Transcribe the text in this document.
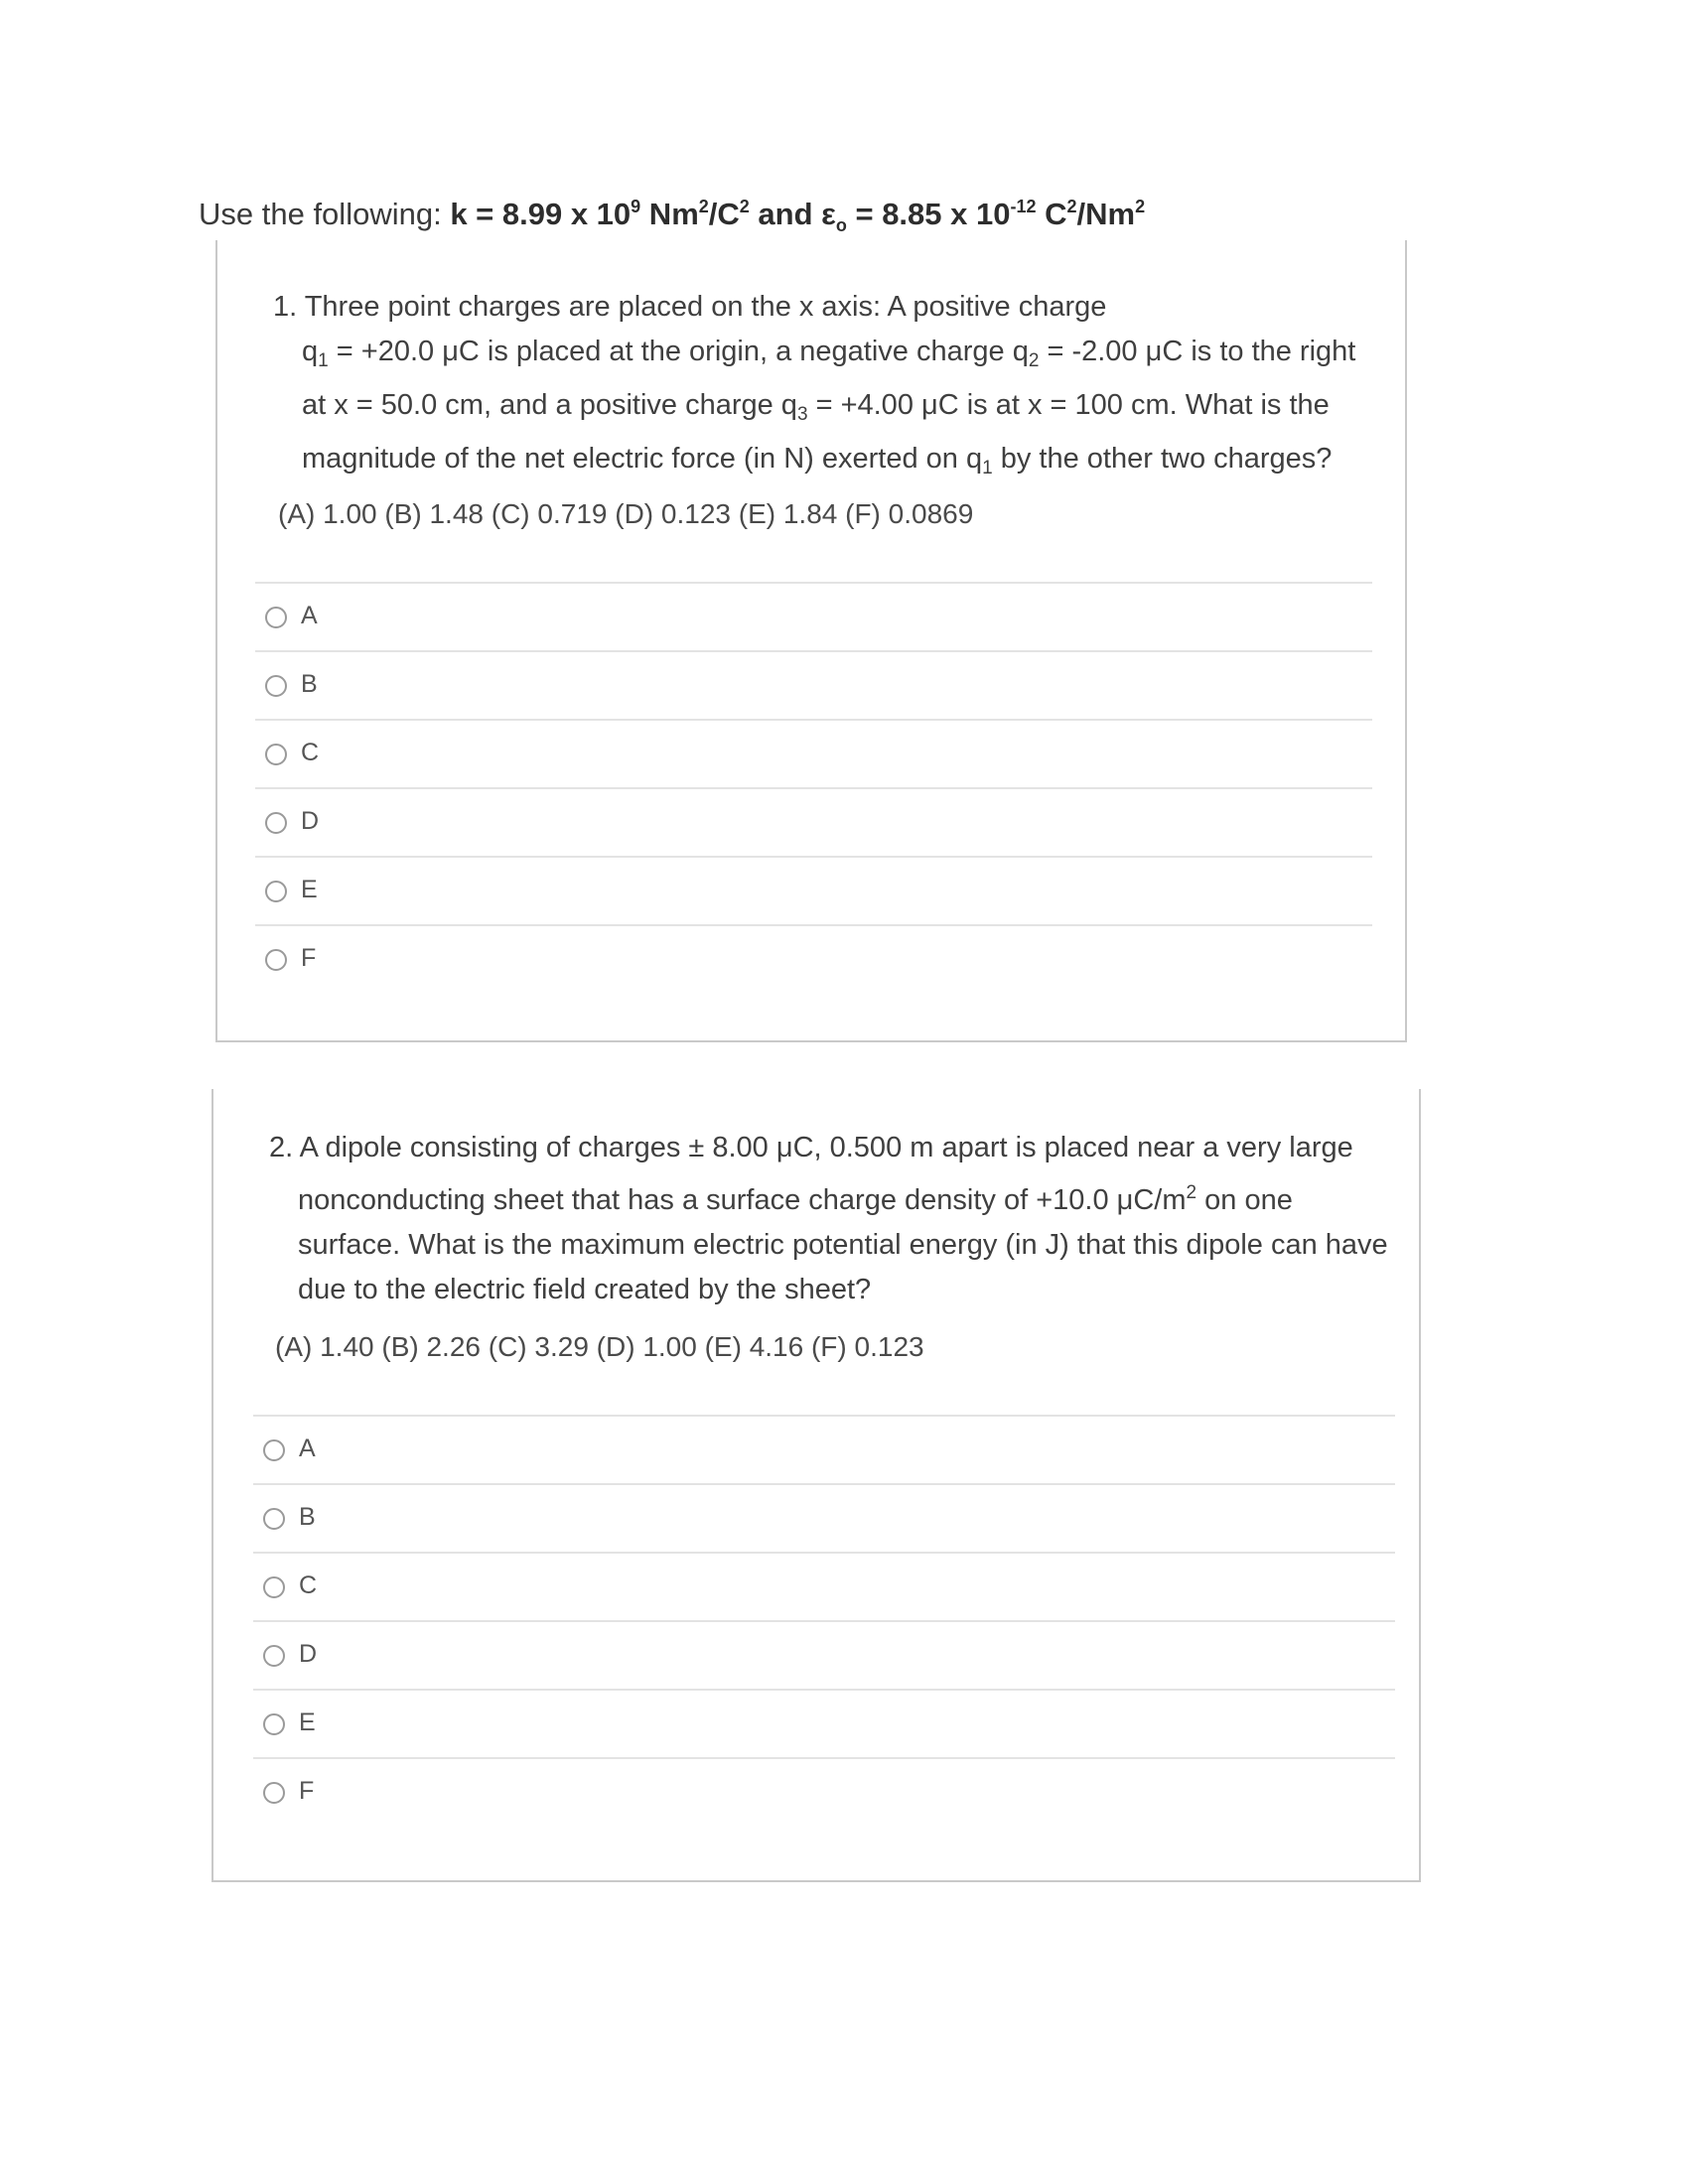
Use the following: k = 8.99 x $10^9$ $Nm^2/C^2$ and $\varepsilon_o = 8.85$ x $10^{-12}$ $C^2/Nm^2$
1. Three point charges are placed on the x axis: A positive charge
$q_1 = +20.0$ μC is placed at the origin, a negative charge $q_2 = -2.00$ μC is to the right at x = 50.0 cm, and a positive charge $q_3 = +4.00$ μC is at x = 100 cm. What is the magnitude of the net electric force (in N) exerted on $q_1$ by the other two charges?
(A) 1.00 (B) 1.48 (C) 0.719 (D) 0.123 (E) 1.84 (F) 0.0869
A
B
C
D
E
F
2. A dipole consisting of charges ± 8.00 μC, 0.500 m apart is placed near a very large
nonconducting sheet that has a surface charge density of +10.0 $\mu C/m^2$ on one surface. What is the maximum electric potential energy (in J) that this dipole can have due to the electric field created by the sheet?
(A) 1.40 (B) 2.26 (C) 3.29 (D) 1.00 (E) 4.16 (F) 0.123
A
B
C
D
E
F
